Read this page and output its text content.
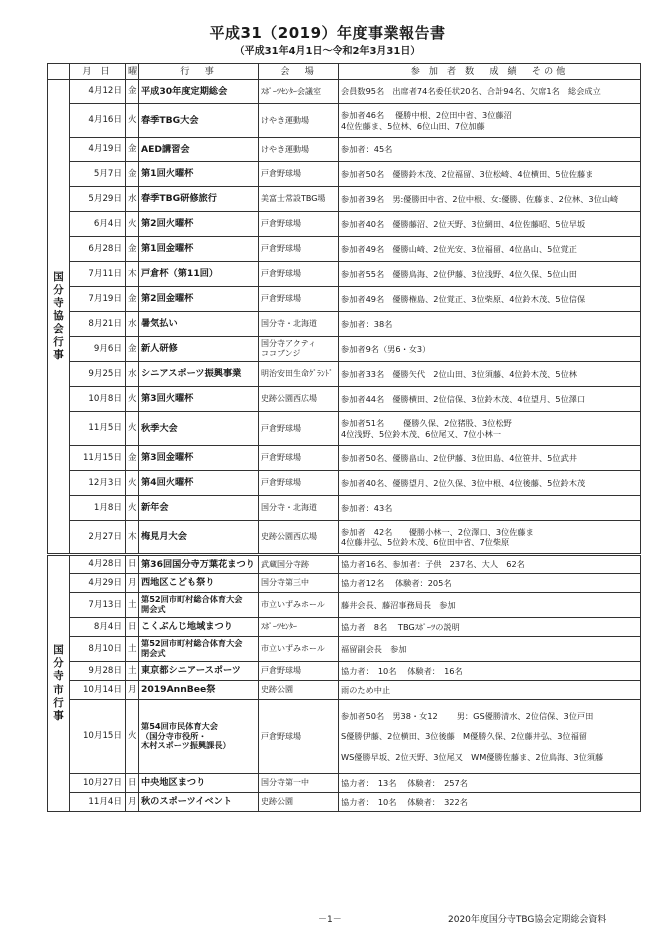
平成31（2019）年度事業報告書
（平成31年4月1日～令和2年3月31日）
	月 日	曜	行　事	会　場	参 加 者 数　成 績　その他
国分寺協会行事	4月12日	金	平成30年度定期総会	ｽﾎﾟｰﾂｾﾝﾀｰ会議室	会員数95名　出席者74名委任状20名、合計94名、欠席1名　総会成立
	4月16日	火	春季TBG大会	けやき運動場	参加者46名　 優勝中根、2位田中省、3位藤沼
4位佐藤ま、5位林、6位山田、7位加藤
	4月19日	金	AED講習会	けやき運動場	参加者：45名
	5月7日	金	第1回火曜杯	戸倉野球場	参加者50名　優勝鈴木茂、2位福留、3位松崎、4位横田、5位佐藤ま
	5月29日	水	春季TBG研修旅行	美富士常設TBG場	参加者39名　男:優勝田中省、2位中根、女:優勝、佐藤ま、2位林、3位山崎
	6月4日	火	第2回火曜杯	戸倉野球場	参加者40名　優勝藤沼、2位天野、3位網田、4位佐藤昭、5位早坂
	6月28日	金	第1回金曜杯	戸倉野球場	参加者49名　優勝山崎、2位光安、3位福留、4位畠山、5位覚正
	7月11日	木	戸倉杯（第11回）	戸倉野球場	参加者55名　優勝鳥海、2位伊藤、3位浅野、4位久保、5位山田
	7月19日	金	第2回金曜杯	戸倉野球場	参加者49名　優勝権島、2位覚正、3位柴原、4位鈴木茂、5位信保
	8月21日	水	暑気払い	国分寺・北海道	参加者：38名
	9月6日	金	新人研修	国分寺アクティ
ココブンジ	参加者9名（男6・女3）
	9月25日	水	シニアスポーツ振興事業	明治安田生命ｸﾞﾗﾝﾄﾞ	参加者33名　優勝矢代　2位山田、3位須藤、4位鈴木茂、5位林
	10月8日	火	第3回火曜杯	史跡公園西広場	参加者44名　優勝横田、2位信保、3位鈴木茂、4位望月、5位澤口
	11月5日	火	秋季大会	戸倉野球場	参加者51名　　 優勝久保、2位猪股、3位松野
4位浅野、5位鈴木茂、6位尾又、7位小林一
	11月15日	金	第3回金曜杯	戸倉野球場	参加者50名、優勝畠山、2位伊藤、3位田島、4位笹井、5位武井
	12月3日	火	第4回火曜杯	戸倉野球場	参加者40名、優勝望月、2位久保、3位中根、4位後藤、5位鈴木茂
	1月8日	火	新年会	国分寺・北海道	参加者：43名
	2月27日	木	梅見月大会	史跡公園西広場	参加者　42名　　優勝小林一、2位澤口、3位佐藤ま
4位藤井弘、5位鈴木茂、6位田中省、7位柴原
国分寺市行事	4月28日	日	第36回国分寺万葉花まつり	武蔵国分寺跡	協力者16名、参加者：子供　237名、大人　62名
	4月29日	月	西地区こども祭り	国分寺第三中	協力者12名　 体験者：205名
	7月13日	土	第52回市町村総合体育大会
開会式	市立いずみホール	藤井会長、藤沼事務局長　参加
	8月4日	日	こくぶんじ地域まつり	ｽﾎﾟｰﾂｾﾝﾀｰ	協力者　8名　 TBGｽﾎﾟｰﾂの説明
	8月10日	土	第52回市町村総合体育大会
閉会式	市立いずみホール	福留副会長　参加
	9月28日	土	東京都シニアースポーツ	戸倉野球場	協力者：　10名　 体験者：　16名
	10月14日	月	2019AnnBee祭	史跡公園	雨のため中止
	10月15日	火	第54回市民体育大会
（国分寺市役所・
木村スポーツ振興課長）	戸倉野球場	参加者50名　男38・女12　　 男：GS優勝清水、2位信保、3位戸田

S優勝伊藤、2位横田、3位後藤　M優勝久保、2位藤井弘、3位福留

WS優勝早坂、2位天野、3位尾又　WM優勝佐藤ま、2位鳥海、3位須藤
	10月27日	日	中央地区まつり	国分寺第一中	協力者：　13名　 体験者：　257名
	11月4日	月	秋のスポーツイベント	史跡公園	協力者：　10名　 体験者：　322名
－1－	2020年度国分寺TBG協会定期総会資料
